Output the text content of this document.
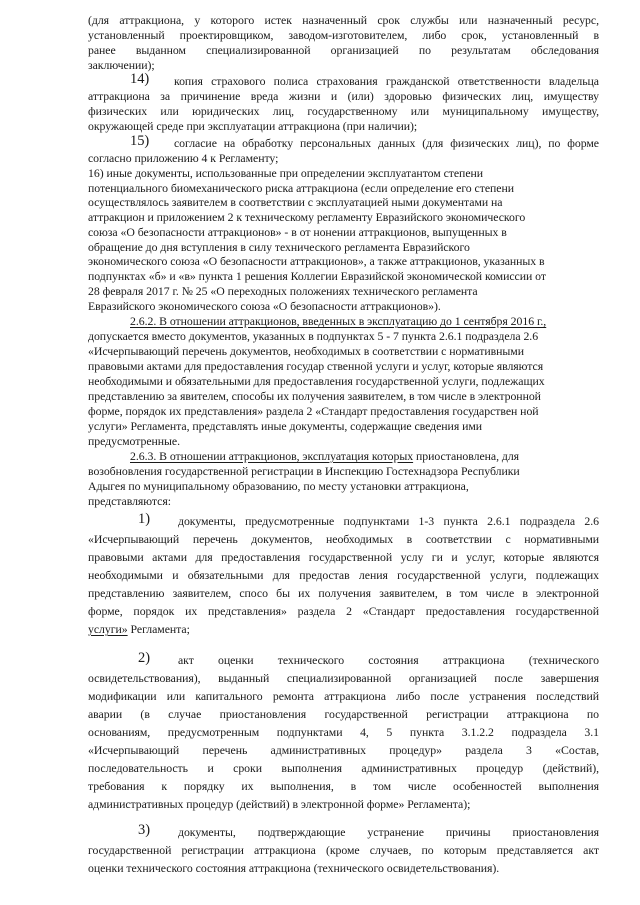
(для аттракциона, у которого истек назначенный срок службы или назначенный ресурс,
установленный проектировщиком, заводом-изготовителем, либо срок, установленный в
ранее выданном специализированной организацией по результатам обследования
заключении);
14) копия страхового полиса страхования гражданской ответственности владельца
аттракциона за причинение вреда жизни и (или) здоровью физических лиц, имуществу
физических или юридических лиц, государственному или муниципальному имуществу,
окружающей среде при эксплуатации аттракциона (при наличии);
15) согласие на обработку персональных данных (для физических лиц), по форме
согласно приложению 4 к Регламенту;
16) иные документы, использованные при определении эксплуатантом степени
потенциального биомеханического риска аттракциона (если определение его степени
осуществлялось заявителем в соответствии с эксплуатацией ными документами на
аттракцион и приложением 2 к техническому регламенту Евразийского экономического
союза «О безопасности аттракционов» - в от нонении аттракционов, выпущенных в
обращение до дня вступления в силу технического регламента Евразийского
экономического союза «О безопасности аттракционов», а также аттракционов, указанных в
подпунктах «б» и «в» пункта 1 решения Коллегии Евразийской экономической комиссии от
28 февраля 2017 г. № 25 «О переходных положениях технического регламента
Евразийского экономического союза «О безопасности аттракционов»).
2.6.2. В отношении аттракционов, введенных в эксплуатацию до 1 сентября 2016 г.,
допускается вместо документов, указанных в подпунктах 5 - 7 пункта 2.6.1 подраздела 2.6
«Исчерпывающий перечень документов, необходимых в соответствии с нормативными
правовыми актами для предоставления государ ственной услуги и услуг, которые являются
необходимыми и обязательными для предоставления государственной услуги, подлежащих
представлению за явителем, способы их получения заявителем, в том числе в электронной
форме, порядок их представления» раздела 2 «Стандарт предоставления государствен ной
услуги» Регламента, представлять иные документы, содержащие сведения ими
предусмотренные.
2.6.3. В отношении аттракционов, эксплуатация которых приостановлена, для
возобновления государственной регистрации в Инспекцию Гостехнадзора Республики
Адыгея по муниципальному образованию, по месту установки аттракциона,
представляются:
1) документы, предусмотренные подпунктами 1-3 пункта 2.6.1 подраздела 2.6
«Исчерпывающий перечень документов, необходимых в соответствии с нормативными
правовыми актами для предоставления государственной услу ги и услуг, которые являются
необходимыми и обязательными для предостав ления государственной услуги, подлежащих
представлению заявителем, спосо бы их получения заявителем, в том числе в электронной
форме, порядок их представления» раздела 2 «Стандарт предоставления государственной
услуги» Регламента;
2) акт оценки технического состояния аттракциона (технического
освидетельствования), выданный специализированной организацией после завершения
модификации или капитального ремонта аттракциона либо после устранения последствий
аварии (в случае приостановления государственной регистрации аттракциона по
основаниям, предусмотренным подпунктами 4, 5 пункта 3.1.2.2 подраздела 3.1
«Исчерпывающий перечень административных процедур» раздела 3 «Состав,
последовательность и сроки выполнения административных процедур (действий),
требования к порядку их выполнения, в том числе особенностей выполнения
административных процедур (действий) в электронной форме» Регламента);
3) документы, подтверждающие устранение причины приостановления
государственной регистрации аттракциона (кроме случаев, по которым представляется акт
оценки технического состояния аттракциона (технического освидетельствования).
